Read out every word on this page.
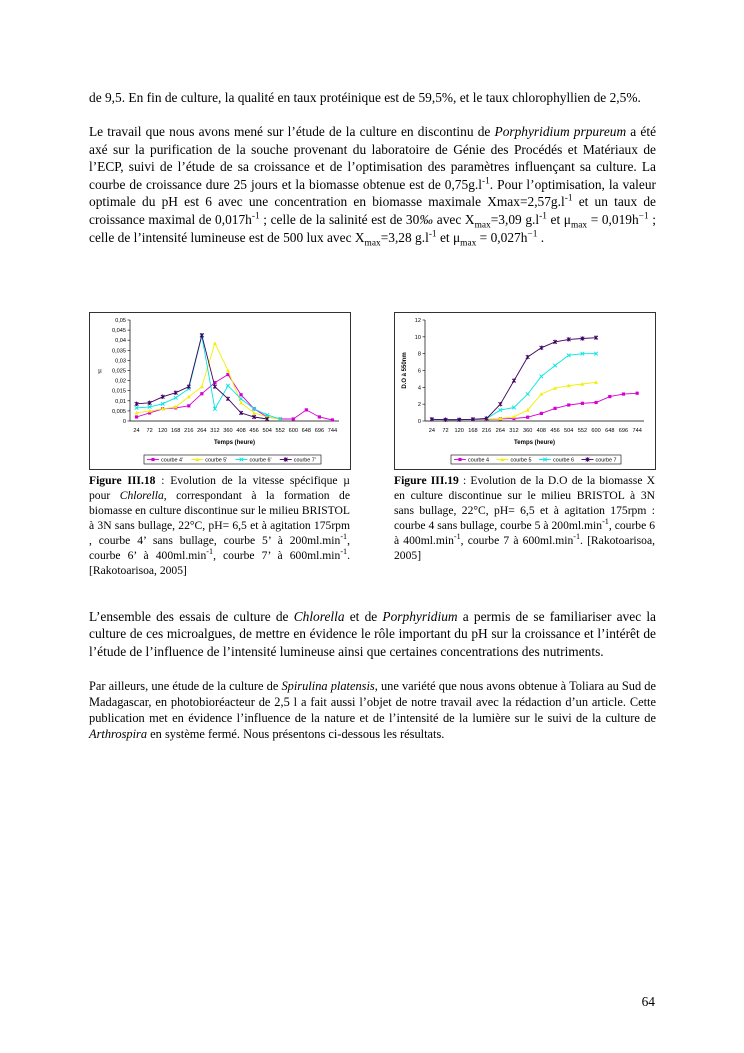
de 9,5. En fin de culture, la qualité en taux protéinique est de 59,5%, et le taux chlorophyllien de 2,5%.

Le travail que nous avons mené sur l’étude de la culture en discontinu de Porphyridium prpureum a été axé sur la purification de la souche provenant du laboratoire de Génie des Procédés et Matériaux de l’ECP, suivi de l’étude de sa croissance et de l’optimisation des paramètres influençant sa culture. La courbe de croissance dure 25 jours et la biomasse obtenue est de $0,75g.l^{-1}$. Pour l’optimisation, la valeur optimale du pH est 6 avec une concentration en biomasse maximale $Xmax=2,57g.l^{-1}$ et un taux de croissance maximal de $0,017h^{-1}$ ; celle de la salinité est de 30‰ avec $X_{max}=3,09$ $g.l^{-1}$ et $\mu_{max} = 0,019h^{-1}$ ; celle de l’intensité lumineuse est de 500 lux avec $X_{max}=3,28$ $g.l^{-1}$ et $\mu_{max} = 0,027h^{-1}$ .

0
0,005
0,01
0,015
0,02
0,025
0,03
0,035
0,04
0,045
0,05
24 72 120 168 216 264 312 360 408 456 504 552 600 648 696 744
Temps (heure)
µ
courbe 4'	courbe 5'	courbe 6'	courbe 7'
0
2
4
6
8
10
12
24 72 120 168 216 264 312 360 408 456 504 552 600 648 696 744
Temps (heure)
D.O à 550nm
courbe 4	courbe 5	courbe 6	courbe 7

Figure III.18 : Evolution de la vitesse spécifique µ pour Chlorella, correspondant à la formation de biomasse en culture discontinue sur le milieu BRISTOL à 3N sans bullage, 22°C, pH= 6,5 et à agitation 175rpm , courbe 4’ sans bullage, courbe 5’ à $200ml.\min^{-1}$, courbe 6’ à $400ml.\min^{-1}$, courbe 7’ à $600ml.\min^{-1}$. [Rakotoarisoa, 2005]

Figure III.19 : Evolution de la D.O de la biomasse X en culture discontinue sur le milieu BRISTOL à 3N sans bullage, 22°C, pH= 6,5 et à agitation 175rpm : courbe 4 sans bullage, courbe 5 à $200ml.\min^{-1}$, courbe 6 à $400ml.\min^{-1}$, courbe 7 à $600ml.\min^{-1}$. [Rakotoarisoa, 2005]

L’ensemble des essais de culture de Chlorella et de Porphyridium a permis de se familiariser avec la culture de ces microalgues, de mettre en évidence le rôle important du pH sur la croissance et l’intérêt de l’étude de l’influence de l’intensité lumineuse ainsi que certaines concentrations des nutriments.

Par ailleurs, une étude de la culture de Spirulina platensis, une variété que nous avons obtenue à Toliara au Sud de Madagascar, en photobioréacteur de 2,5 l a fait aussi l’objet de notre travail avec la rédaction d’un article. Cette publication met en évidence l’influence de la nature et de l’intensité de la lumière sur le suivi de la culture de Arthrospira en système fermé. Nous présentons ci-dessous les résultats.

64
